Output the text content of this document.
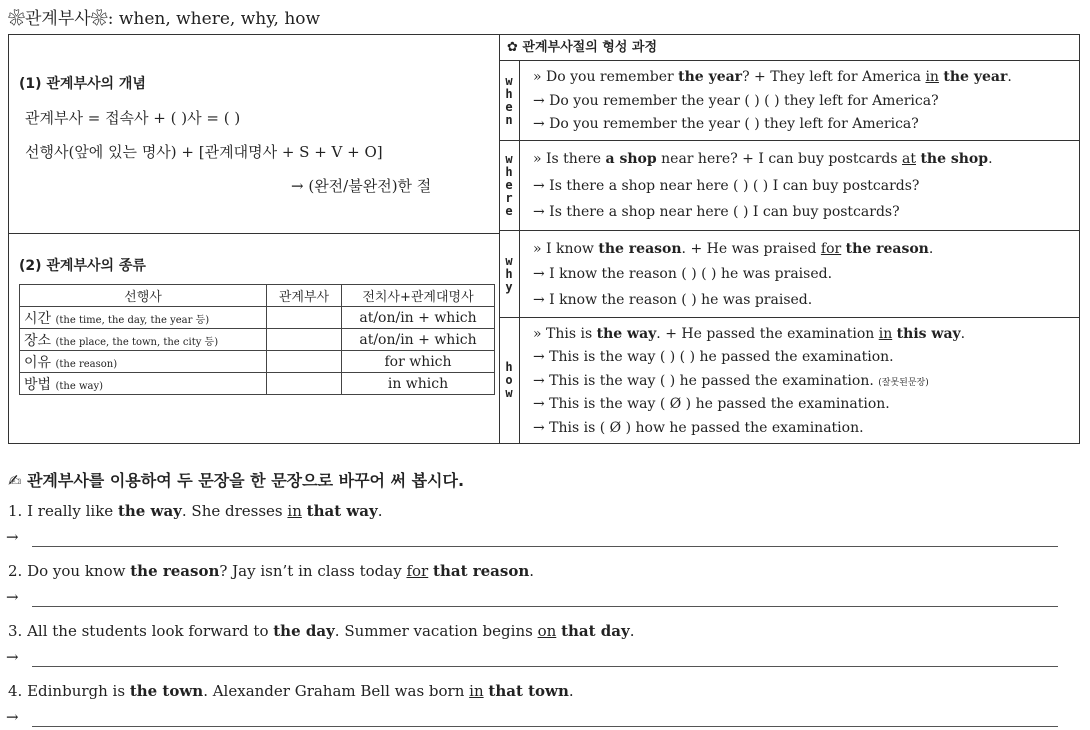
❀관계부사❀: when, where, why, how
(1) 관계부사의 개념
관계부사 = 접속사 + ( )사 = ( )
선행사(앞에 있는 명사) + [관계대명사 + S + V + O]
→ (완전/불완전)한 절
(2) 관계부사의 종류
선행사	관계부사	전치사+관계대명사
시간 (the time, the day, the year 등)		at/on/in + which
장소 (the place, the town, the city 등)		at/on/in + which
이유 (the reason)		for which
방법 (the way)		in which
✿ 관계부사절의 형성 과정
w
h
e
n
» Do you remember the year? + They left for America in the year.
→ Do you remember the year ( ) ( ) they left for America?
→ Do you remember the year ( ) they left for America?
w
h
e
r
e
» Is there a shop near here? + I can buy postcards at the shop.
→ Is there a shop near here ( ) ( ) I can buy postcards?
→ Is there a shop near here ( ) I can buy postcards?
w
h
y
» I know the reason. + He was praised for the reason.
→ I know the reason ( ) ( ) he was praised.
→ I know the reason ( ) he was praised.
h
o
w
» This is the way. + He passed the examination in this way.
→ This is the way ( ) ( ) he passed the examination.
→ This is the way ( ) he passed the examination. (잘못된문장)
→ This is the way ( Ø ) he passed the examination.
→ This is ( Ø ) how he passed the examination.
✍ 관계부사를 이용하여 두 문장을 한 문장으로 바꾸어 써 봅시다.
1. I really like the way. She dresses in that way.
→
2. Do you know the reason? Jay isn’t in class today for that reason.
→
3. All the students look forward to the day. Summer vacation begins on that day.
→
4. Edinburgh is the town. Alexander Graham Bell was born in that town.
→
